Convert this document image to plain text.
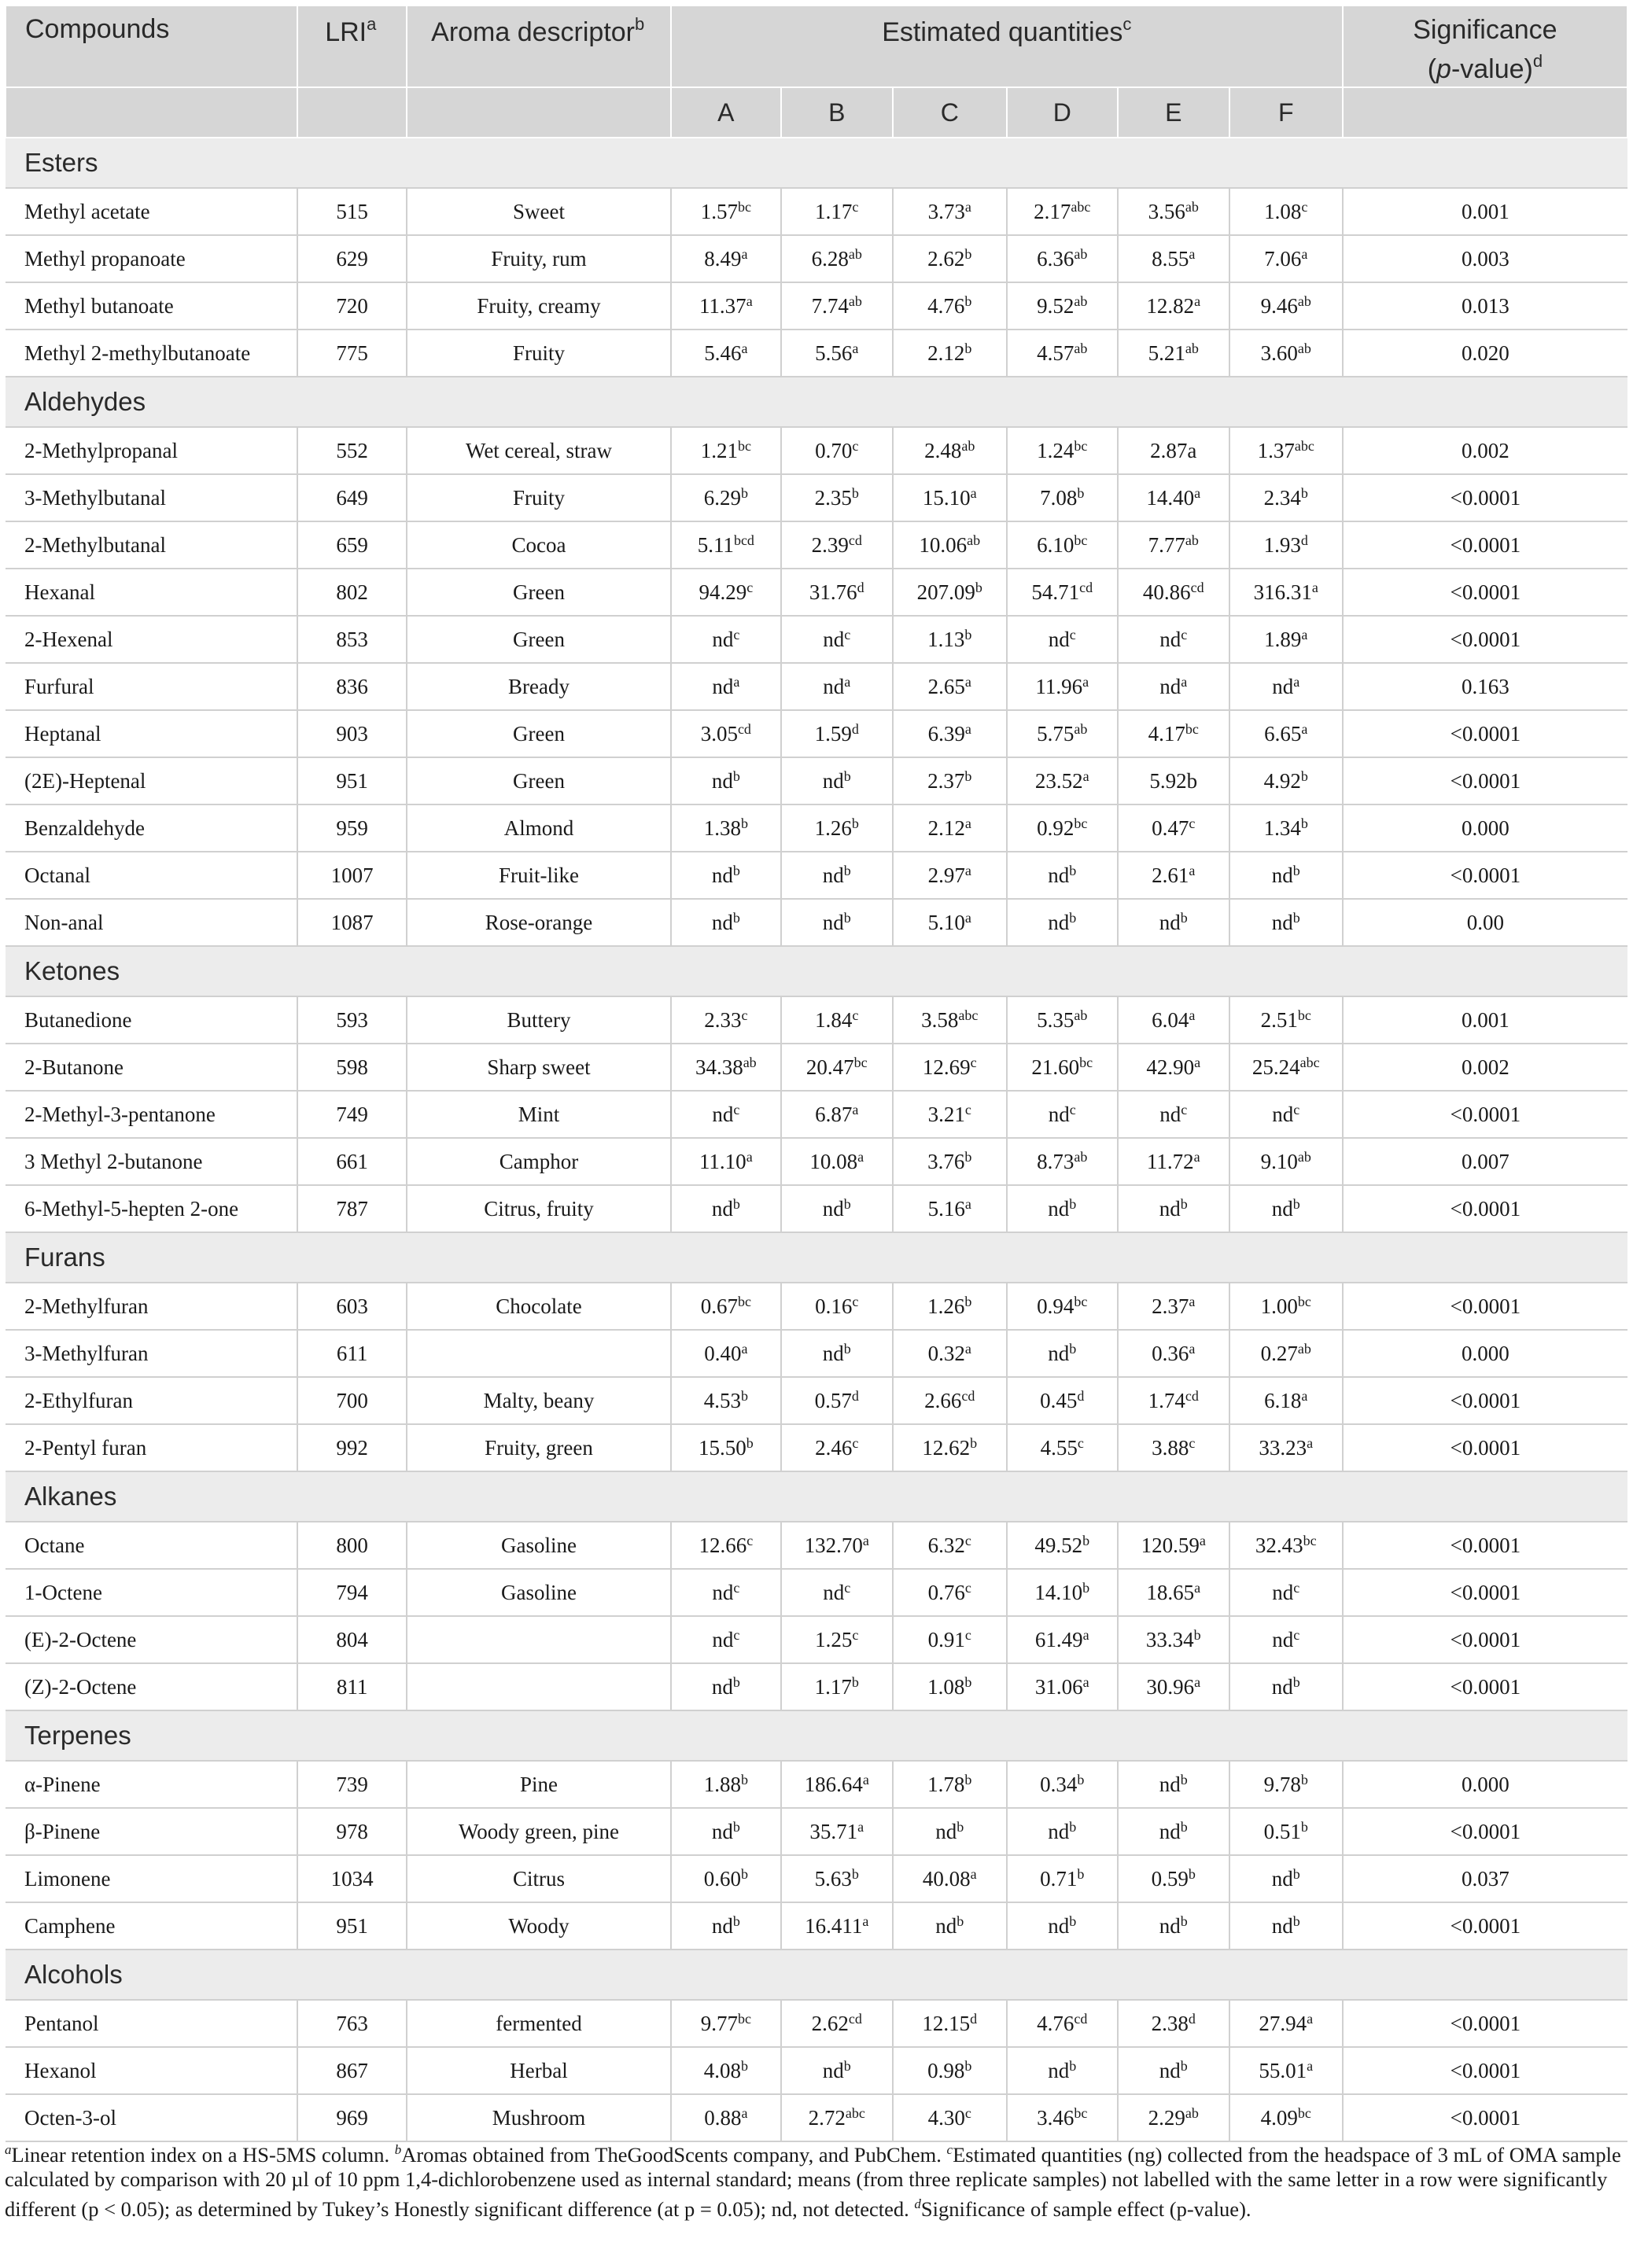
Compounds	LRI$^a$	Aroma descriptor$^b$	Estimated quantities$^c$						Significance
(p-value)$^d$
			A	B	C	D	E	F	
Esters									
Methyl acetate	515	Sweet	1.57$^{bc}$	1.17$^c$	3.73$^a$	2.17$^{abc}$	3.56$^{ab}$	1.08$^c$	0.001
Methyl propanoate	629	Fruity, rum	8.49$^a$	6.28$^{ab}$	2.62$^b$	6.36$^{ab}$	8.55$^a$	7.06$^a$	0.003
Methyl butanoate	720	Fruity, creamy	11.37$^a$	7.74$^{ab}$	4.76$^b$	9.52$^{ab}$	12.82$^a$	9.46$^{ab}$	0.013
Methyl 2-methylbutanoate	775	Fruity	5.46$^a$	5.56$^a$	2.12$^b$	4.57$^{ab}$	5.21$^{ab}$	3.60$^{ab}$	0.020
Aldehydes									
2-Methylpropanal	552	Wet cereal, straw	1.21$^{bc}$	0.70$^c$	2.48$^{ab}$	1.24$^{bc}$	2.87a	1.37$^{abc}$	0.002
3-Methylbutanal	649	Fruity	6.29$^b$	2.35$^b$	15.10$^a$	7.08$^b$	14.40$^a$	2.34$^b$	<0.0001
2-Methylbutanal	659	Cocoa	5.11$^{bcd}$	2.39$^{cd}$	10.06$^{ab}$	6.10$^{bc}$	7.77$^{ab}$	1.93$^d$	<0.0001
Hexanal	802	Green	94.29$^c$	31.76$^d$	207.09$^b$	54.71$^{cd}$	40.86$^{cd}$	316.31$^a$	<0.0001
2-Hexenal	853	Green	$nd^c$	$nd^c$	1.13$^b$	$nd^c$	$nd^c$	1.89$^a$	<0.0001
Furfural	836	Bready	$nd^a$	$nd^a$	2.65$^a$	11.96$^a$	$nd^a$	$nd^a$	0.163
Heptanal	903	Green	3.05$^{cd}$	1.59$^d$	6.39$^a$	5.75$^{ab}$	4.17$^{bc}$	6.65$^a$	<0.0001
(2E)-Heptenal	951	Green	$nd^b$	$nd^b$	2.37$^b$	23.52$^a$	5.92b	4.92$^b$	<0.0001
Benzaldehyde	959	Almond	1.38$^b$	1.26$^b$	2.12$^a$	0.92$^{bc}$	0.47$^c$	1.34$^b$	0.000
Octanal	1007	Fruit-like	$nd^b$	$nd^b$	2.97$^a$	$nd^b$	2.61$^a$	$nd^b$	<0.0001
Non-anal	1087	Rose-orange	$nd^b$	$nd^b$	5.10$^a$	$nd^b$	$nd^b$	$nd^b$	0.00
Ketones									
Butanedione	593	Buttery	2.33$^c$	1.84$^c$	3.58$^{abc}$	5.35$^{ab}$	6.04$^a$	2.51$^{bc}$	0.001
2-Butanone	598	Sharp sweet	34.38$^{ab}$	20.47$^{bc}$	12.69$^c$	21.60$^{bc}$	42.90$^a$	25.24$^{abc}$	0.002
2-Methyl-3-pentanone	749	Mint	$nd^c$	6.87$^a$	3.21$^c$	$nd^c$	$nd^c$	$nd^c$	<0.0001
3 Methyl 2-butanone	661	Camphor	11.10$^a$	10.08$^a$	3.76$^b$	8.73$^{ab}$	11.72$^a$	9.10$^{ab}$	0.007
6-Methyl-5-hepten 2-one	787	Citrus, fruity	$nd^b$	$nd^b$	5.16$^a$	$nd^b$	$nd^b$	$nd^b$	<0.0001
Furans									
2-Methylfuran	603	Chocolate	0.67$^{bc}$	0.16$^c$	1.26$^b$	0.94$^{bc}$	2.37$^a$	1.00$^{bc}$	<0.0001
3-Methylfuran	611		0.40$^a$	$nd^b$	0.32$^a$	$nd^b$	0.36$^a$	0.27$^{ab}$	0.000
2-Ethylfuran	700	Malty, beany	4.53$^b$	0.57$^d$	2.66$^{cd}$	0.45$^d$	1.74$^{cd}$	6.18$^a$	<0.0001
2-Pentyl furan	992	Fruity, green	15.50$^b$	2.46$^c$	12.62$^b$	4.55$^c$	3.88$^c$	33.23$^a$	<0.0001
Alkanes									
Octane	800	Gasoline	12.66$^c$	132.70$^a$	6.32$^c$	49.52$^b$	120.59$^a$	32.43$^{bc}$	<0.0001
1-Octene	794	Gasoline	$nd^c$	$nd^c$	0.76$^c$	14.10$^b$	18.65$^a$	$nd^c$	<0.0001
(E)-2-Octene	804		$nd^c$	1.25$^c$	0.91$^c$	61.49$^a$	33.34$^b$	$nd^c$	<0.0001
(Z)-2-Octene	811		$nd^b$	1.17$^b$	1.08$^b$	31.06$^a$	30.96$^a$	$nd^b$	<0.0001
Terpenes									
α-Pinene	739	Pine	1.88$^b$	186.64$^a$	1.78$^b$	0.34$^b$	$nd^b$	9.78$^b$	0.000
β-Pinene	978	Woody green, pine	$nd^b$	35.71$^a$	$nd^b$	$nd^b$	$nd^b$	0.51$^b$	<0.0001
Limonene	1034	Citrus	0.60$^b$	5.63$^b$	40.08$^a$	0.71$^b$	0.59$^b$	$nd^b$	0.037
Camphene	951	Woody	$nd^b$	16.411$^a$	$nd^b$	$nd^b$	$nd^b$	$nd^b$	<0.0001
Alcohols									
Pentanol	763	fermented	9.77$^{bc}$	2.62$^{cd}$	12.15$^d$	4.76$^{cd}$	2.38$^d$	27.94$^a$	<0.0001
Hexanol	867	Herbal	4.08$^b$	$nd^b$	0.98$^b$	$nd^b$	$nd^b$	55.01$^a$	<0.0001
Octen-3-ol	969	Mushroom	0.88$^a$	2.72$^{abc}$	4.30$^c$	3.46$^{bc}$	2.29$^{ab}$	4.09$^{bc}$	<0.0001
$^a$Linear retention index on a HS-5MS column. $^b$Aromas obtained from TheGoodScents company, and PubChem. $^c$Estimated quantities (ng) collected from the headspace of 3 mL of OMA sample calculated by comparison with 20 µl of 10 ppm 1,4-dichlorobenzene used as internal standard; means (from three replicate samples) not labelled with the same letter in a row were significantly different (p < 0.05); as determined by Tukey’s Honestly significant difference (at p = 0.05); nd, not detected. $^d$Significance of sample effect (p-value).
